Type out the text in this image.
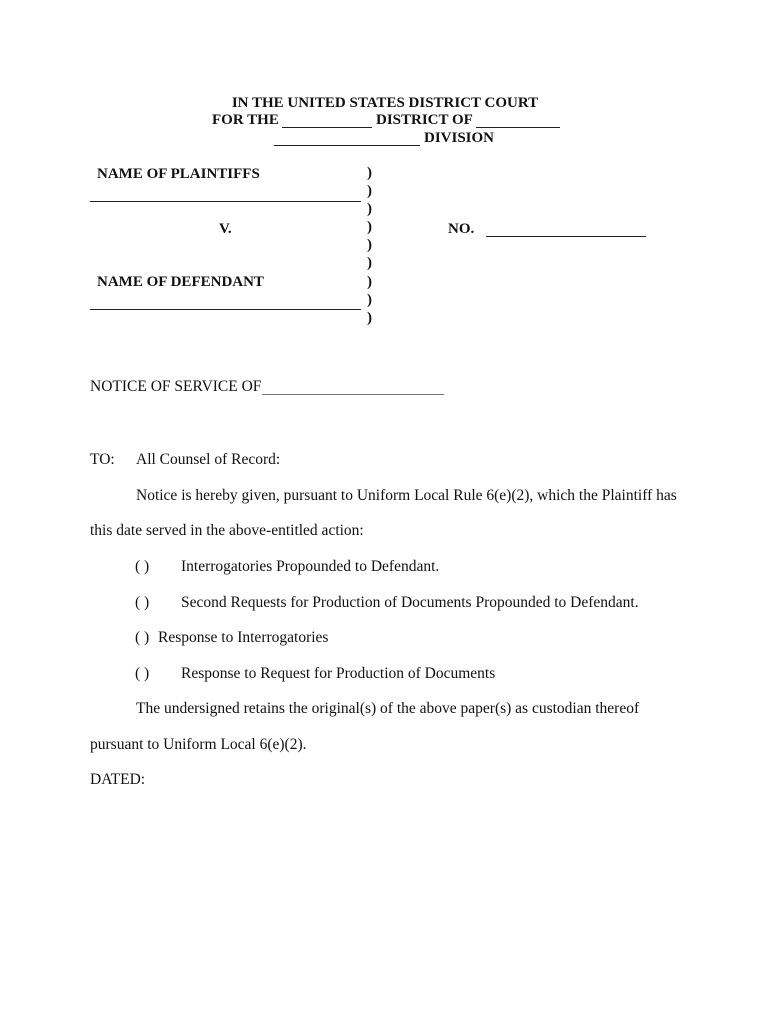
IN THE UNITED STATES DISTRICT COURT
FOR THE	DISTRICT OF
DIVISION
NAME OF PLAINTIFFS
V.
NAME OF DEFENDANT
)
)
)
)
)
)
)
)
)
NO.
NOTICE OF SERVICE OF
TO: All Counsel of Record:
Notice is hereby given, pursuant to Uniform Local Rule 6(e)(2), which the Plaintiff has
this date served in the above-entitled action:
( ) Interrogatories Propounded to Defendant.
( ) Second Requests for Production of Documents Propounded to Defendant.
( ) Response to Interrogatories
( ) Response to Request for Production of Documents
The undersigned retains the original(s) of the above paper(s) as custodian thereof
pursuant to Uniform Local 6(e)(2).
DATED:
